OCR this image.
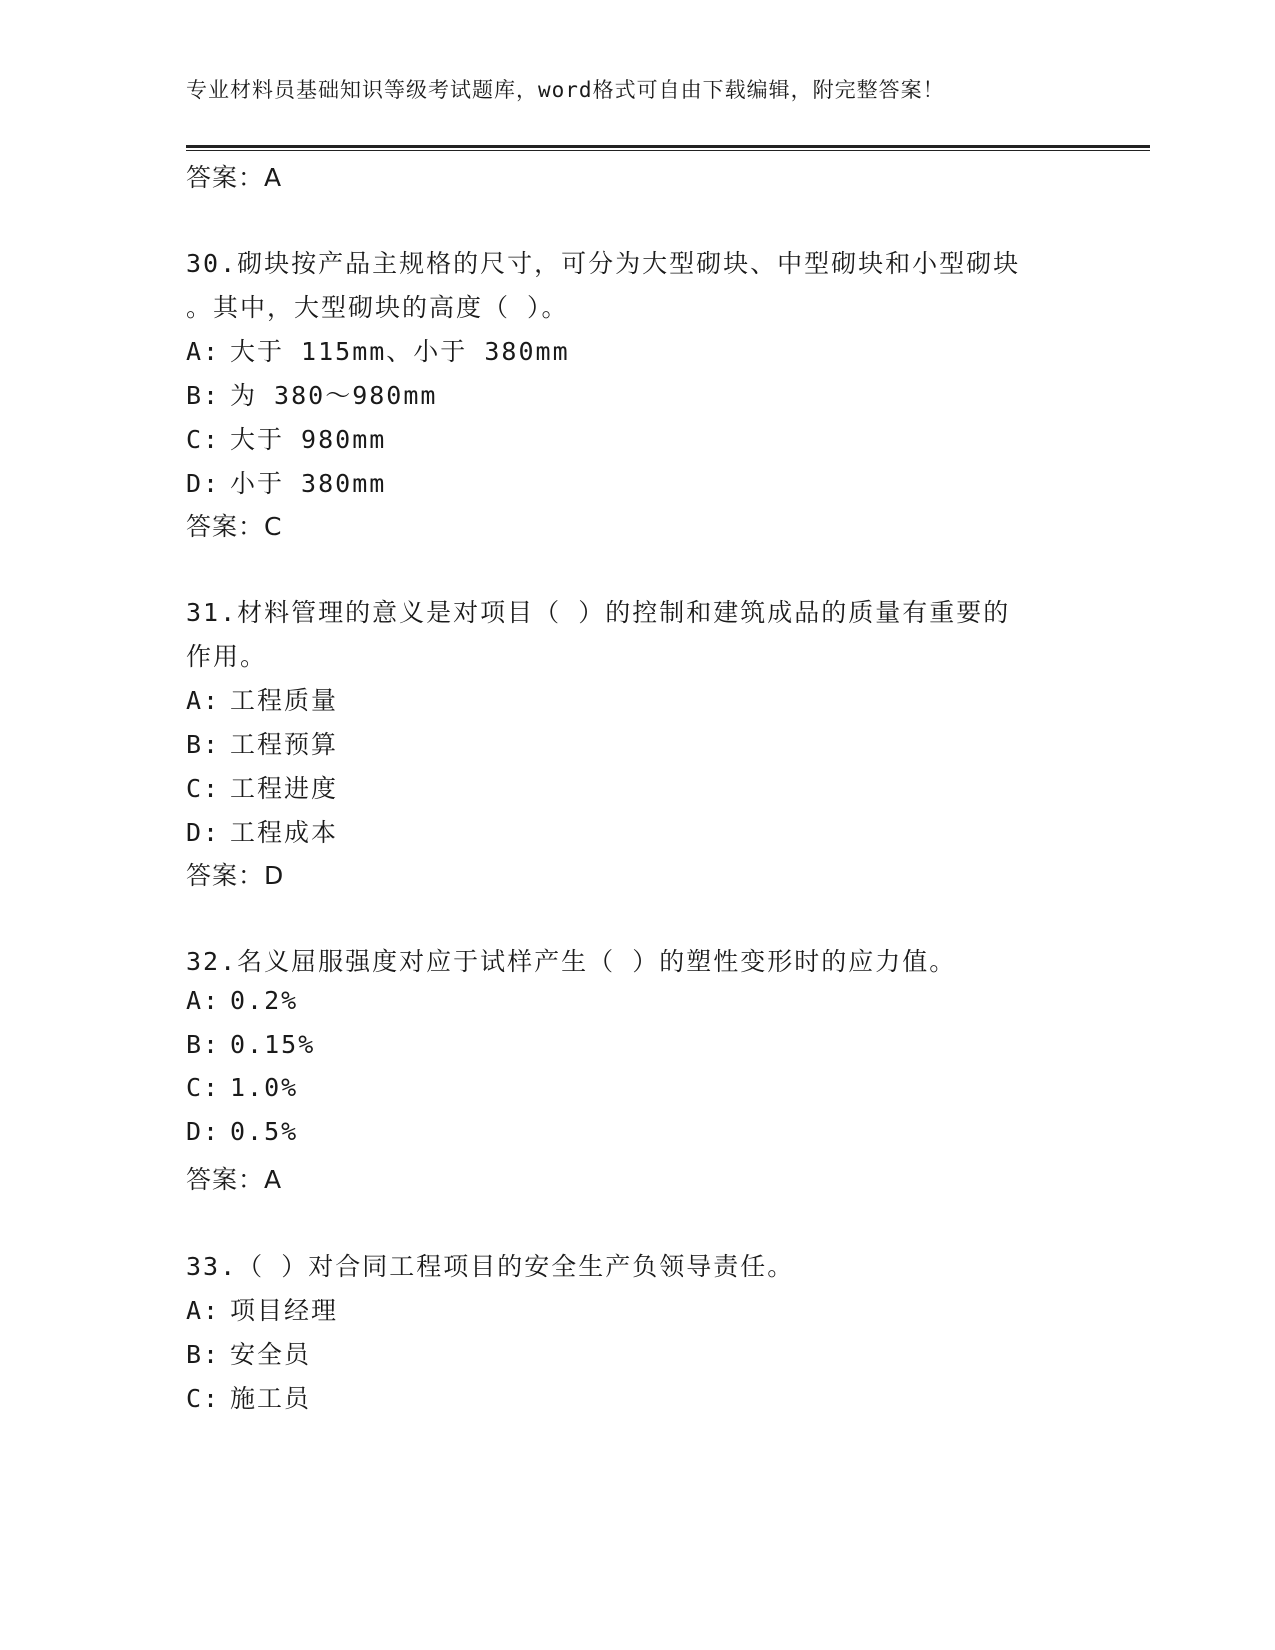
专业材料员基础知识等级考试题库，word格式可自由下载编辑，附完整答案！
答案：A
30.砌块按产品主规格的尺寸，可分为大型砌块、中型砌块和小型砌块
。其中，大型砌块的高度（ ）。
A: 大于 115mm、小于 380mm
B: 为 380～980mm
C: 大于 980mm
D: 小于 380mm
答案：C
31.材料管理的意义是对项目（ ）的控制和建筑成品的质量有重要的
作用。
A: 工程质量
B: 工程预算
C: 工程进度
D: 工程成本
答案：D
32.名义屈服强度对应于试样产生（ ）的塑性变形时的应力值。
A: 0.2%
B: 0.15%
C: 1.0%
D: 0.5%
答案：A
33.（ ）对合同工程项目的安全生产负领导责任。
A: 项目经理
B: 安全员
C: 施工员
